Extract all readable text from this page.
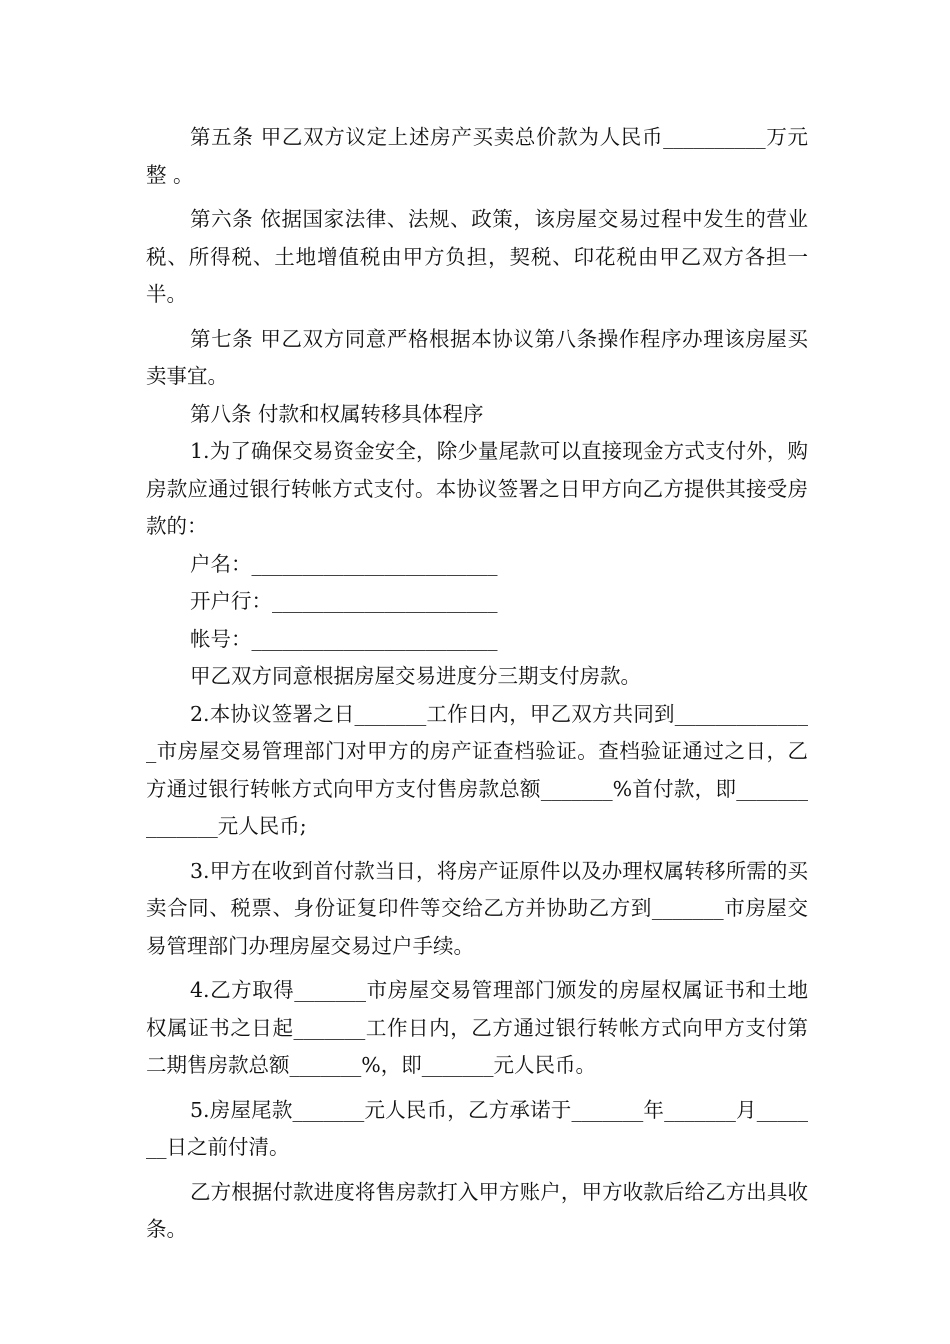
第五条 甲乙双方议定上述房产买卖总价款为人民币__________万元整 。

第六条 依据国家法律、法规、政策，该房屋交易过程中发生的营业税、所得税、土地增值税由甲方负担，契税、印花税由甲乙双方各担一半。

第七条 甲乙双方同意严格根据本协议第八条操作程序办理该房屋买卖事宜。

第八条 付款和权属转移具体程序

1.为了确保交易资金安全，除少量尾款可以直接现金方式支付外，购房款应通过银行转帐方式支付。本协议签署之日甲方向乙方提供其接受房款的：

户名：________________________
开户行：______________________
帐号：________________________

甲乙双方同意根据房屋交易进度分三期支付房款。

2.本协议签署之日_______工作日内，甲乙双方共同到______________市房屋交易管理部门对甲方的房产证查档验证。查档验证通过之日，乙方通过银行转帐方式向甲方支付售房款总额_______%首付款，即______________元人民币;

3.甲方在收到首付款当日，将房产证原件以及办理权属转移所需的买卖合同、税票、身份证复印件等交给乙方并协助乙方到_______市房屋交易管理部门办理房屋交易过户手续。

4.乙方取得_______市房屋交易管理部门颁发的房屋权属证书和土地权属证书之日起_______工作日内，乙方通过银行转帐方式向甲方支付第二期售房款总额_______%，即_______元人民币。

5.房屋尾款_______元人民币，乙方承诺于_______年_______月_______日之前付清。

乙方根据付款进度将售房款打入甲方账户，甲方收款后给乙方出具收条。
